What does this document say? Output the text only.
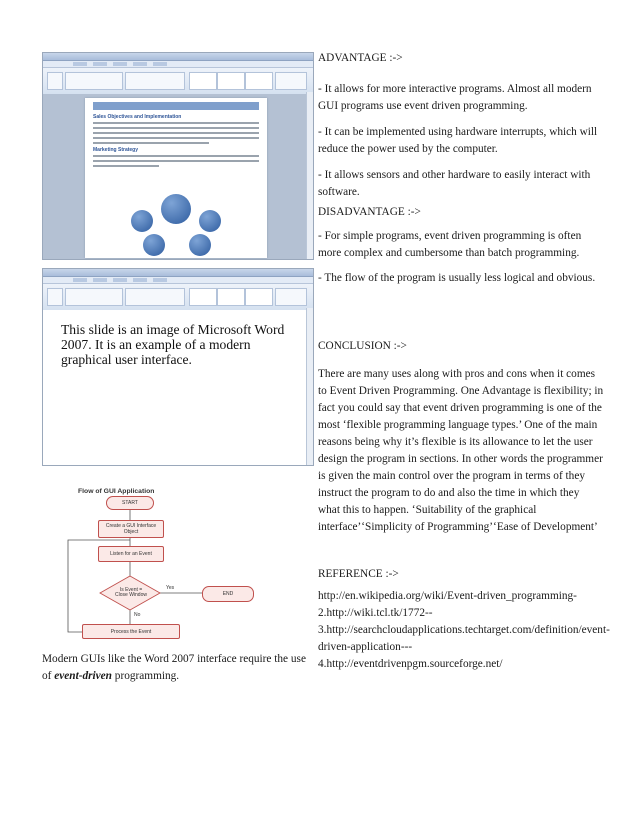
Sales Objectives and Implementation
Marketing Strategy
This slide is an image of Microsoft Word 2007. It is an example of a modern graphical user interface.
Flow of GUI Application
START
Create a GUI Interface Object
Listen for an Event
Is Event = Close Window
Yes
No
END
Process the Event

Modern GUIs like the Word 2007 interface require the use of event-driven programming.

ADVANTAGE :->

- It allows for more interactive programs. Almost all modern GUI programs use event driven programming.

- It can be implemented using hardware interrupts, which will reduce the power used by the computer.

- It allows sensors and other hardware to easily interact with software.

DISADVANTAGE :->

- For simple programs, event driven programming is often more complex and cumbersome than batch programming.

- The flow of the program is usually less logical and obvious.

CONCLUSION :->

There are many uses along with pros and cons when it comes to Event Driven Programming. One Advantage is flexibility; in fact you could say that event driven programming is one of the most ‘flexible programming language types.’ One of the main reasons being why it’s flexible is its allowance to let the user design the program in sections. In other words the programmer is given the main control over the program in terms of they instruct the program to do and also the time in which they what this to happen. ‘Suitability of the graphical interface’‘Simplicity of Programming’‘Ease of Development’

REFERENCE :->

http://en.wikipedia.org/wiki/Event-driven_programming-
2.http://wiki.tcl.tk/1772--
3.http://searchcloudapplications.techtarget.com/definition/event-driven-application---
4.http://eventdrivenpgm.sourceforge.net/
